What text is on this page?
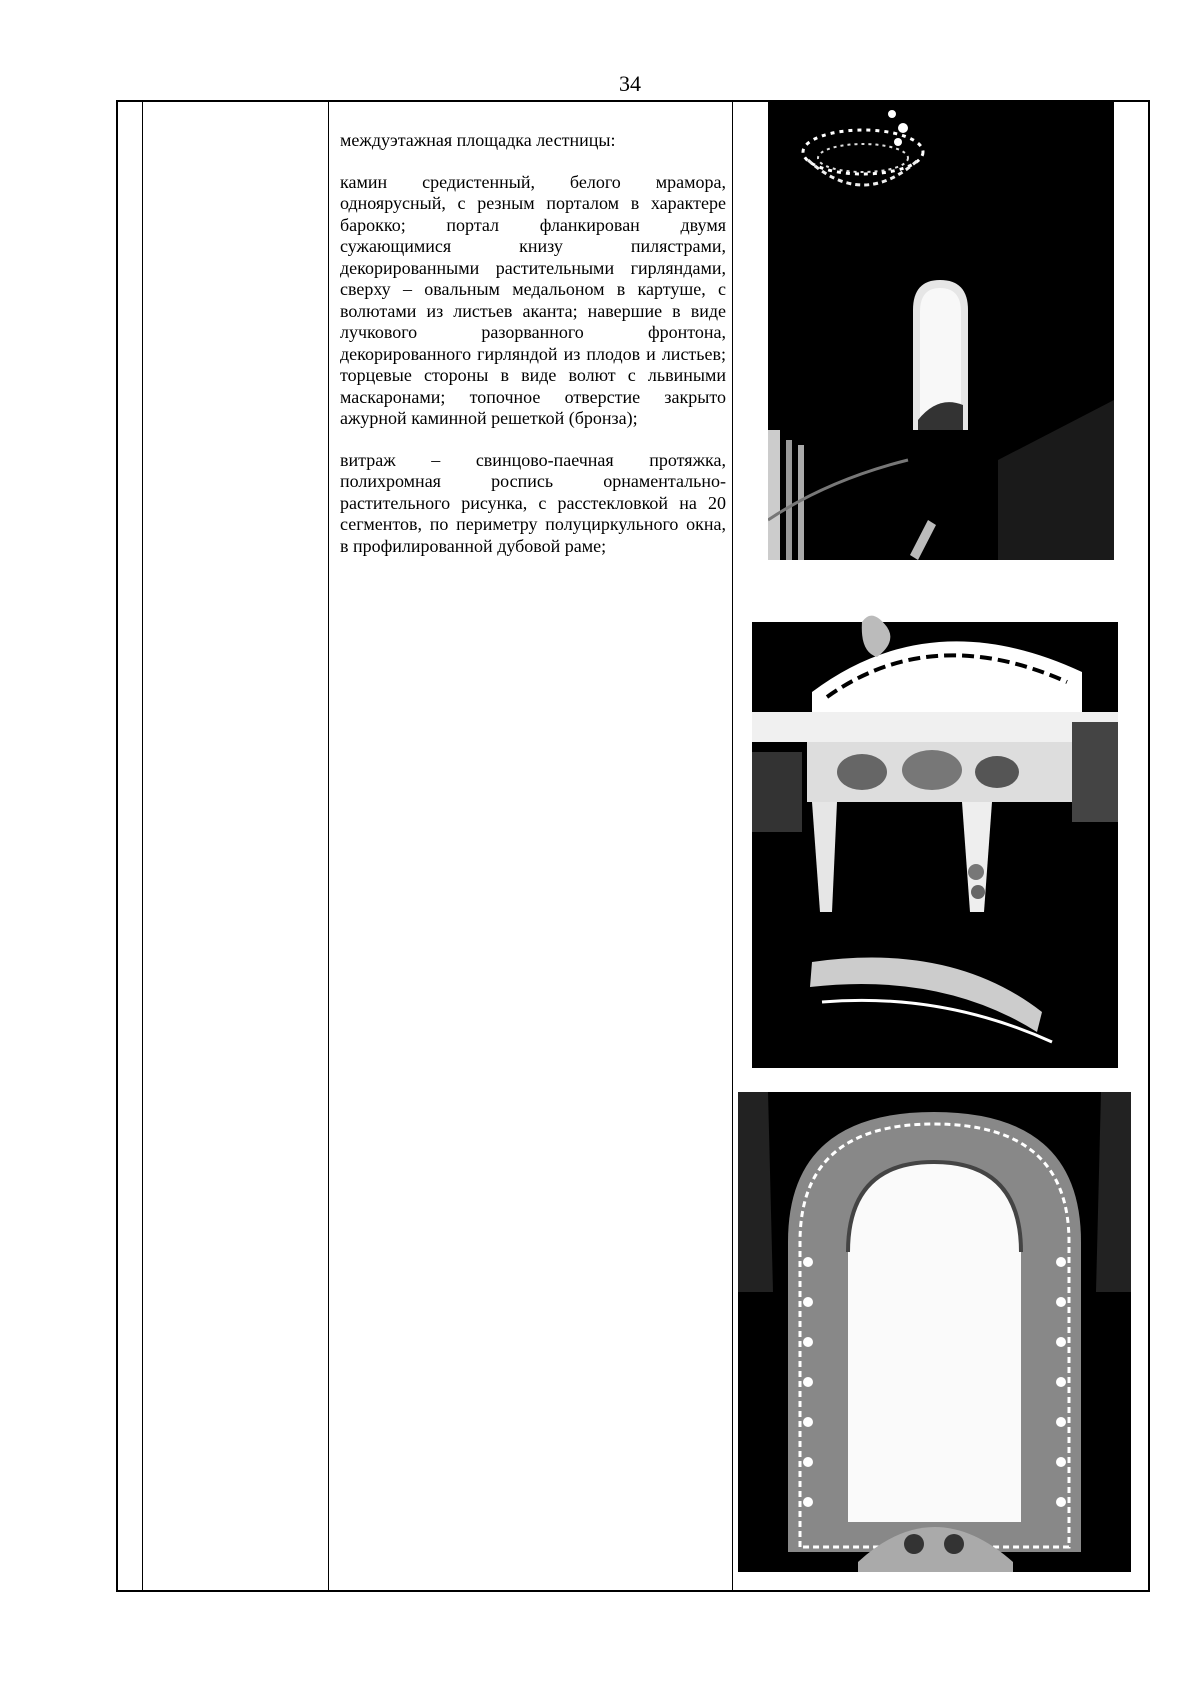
34

междуэтажная площадка лестницы:

камин средистенный, белого мрамора, одноярусный, с резным порталом в характере барокко; портал фланкирован двумя сужающимися книзу пилястрами, декорированными растительными гирляндами, сверху – овальным медальоном в картуше, с волютами из листьев аканта; навершие в виде лучкового разорванного фронтона, декорированного гирляндой из плодов и листьев; торцевые стороны в виде волют с львиными маскаронами; топочное отверстие закрыто ажурной каминной решеткой (бронза);

витраж – свинцово-паечная протяжка, полихромная роспись орнаментально-растительного рисунка, с расстекловкой на 20 сегментов, по периметру полуциркульного окна, в профилированной дубовой раме;
